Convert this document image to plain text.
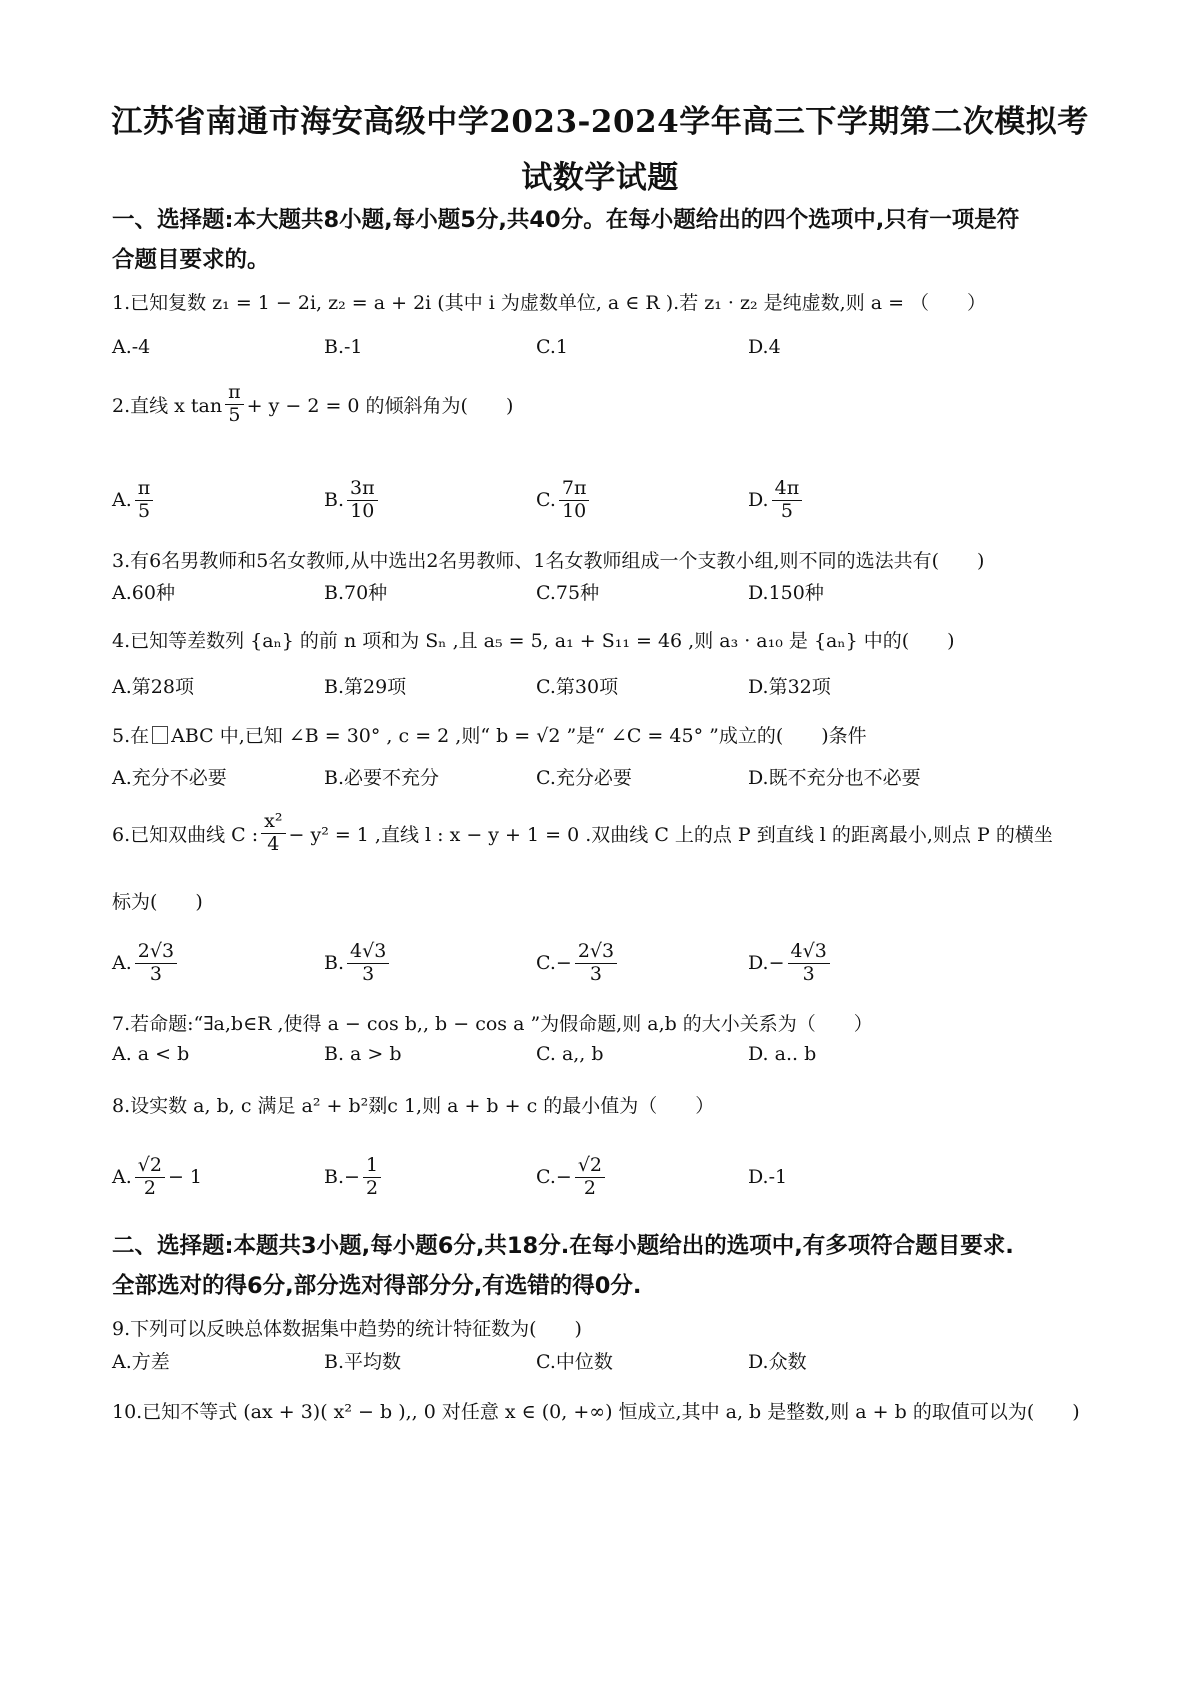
江苏省南通市海安高级中学2023-2024学年高三下学期第二次模拟考
试数学试题
一、选择题:本大题共8小题,每小题5分,共40分。在每小题给出的四个选项中,只有一项是符
合题目要求的。
1.已知复数 z₁ = 1 − 2i, z₂ = a + 2i (其中 i 为虚数单位, a ∈ R ).若 z₁ · z₂ 是纯虚数,则 a = （　　）
A.-4	B.-1	C.1	D.4
2.直线 x $\tan \frac{\pi}{5} + y - 2 = 0$ 的倾斜角为(　　)
A. $\frac{\pi}{5}$	B. $\frac{3\pi}{10}$	C. $\frac{7\pi}{10}$	D. $\frac{4\pi}{5}$
3.有6名男教师和5名女教师,从中选出2名男教师、1名女教师组成一个支教小组,则不同的选法共有(　　)
A.60种	B.70种	C.75种	D.150种
4.已知等差数列 {aₙ} 的前 n 项和为 Sₙ ,且 a₅ = 5, a₁ + S₁₁ = 46 ,则 a₃ · a₁₀ 是 {aₙ} 中的(　　)
A.第28项	B.第29项	C.第30项	D.第32项
5.在 ABC 中,已知 ∠B = 30° , c = 2 ,则“ b = √2 ”是“ ∠C = 45° ”成立的(　　)条件
A.充分不必要	B.必要不充分	C.充分必要	D.既不充分也不必要
6.已知双曲线 C : $\frac{\text{x²}}{4} - y^2 = 1$ ,直线 l : x − y + 1 = 0 .双曲线 C 上的点 P 到直线 l 的距离最小,则点 P 的横坐
标为(　　)
A. $\frac{2√3}{3}$	B. $\frac{4√3}{3}$	C. − $\frac{2√3}{3}$	D. − $\frac{4√3}{3}$
7.若命题:“∃a,b∈R ,使得 a − cos b,, b − cos a ”为假命题,则 a,b 的大小关系为（　　）
A. a < b	B. a > b	C. a,, b	D. a.. b
8.设实数 a, b, c 满足 a² + b²剟c 1,则 a + b + c 的最小值为（　　）
A. $\frac{√2}{2} - 1$	B. − $\frac{1}{2}$	C. − $\frac{√2}{2}$	D.-1
二、选择题:本题共3小题,每小题6分,共18分.在每小题给出的选项中,有多项符合题目要求.
全部选对的得6分,部分选对得部分分,有选错的得0分.
9.下列可以反映总体数据集中趋势的统计特征数为(　　)
A.方差	B.平均数	C.中位数	D.众数
10.已知不等式 (ax + 3)( x² − b ),, 0 对任意 x ∈ (0, +∞) 恒成立,其中 a, b 是整数,则 a + b 的取值可以为(　　)
